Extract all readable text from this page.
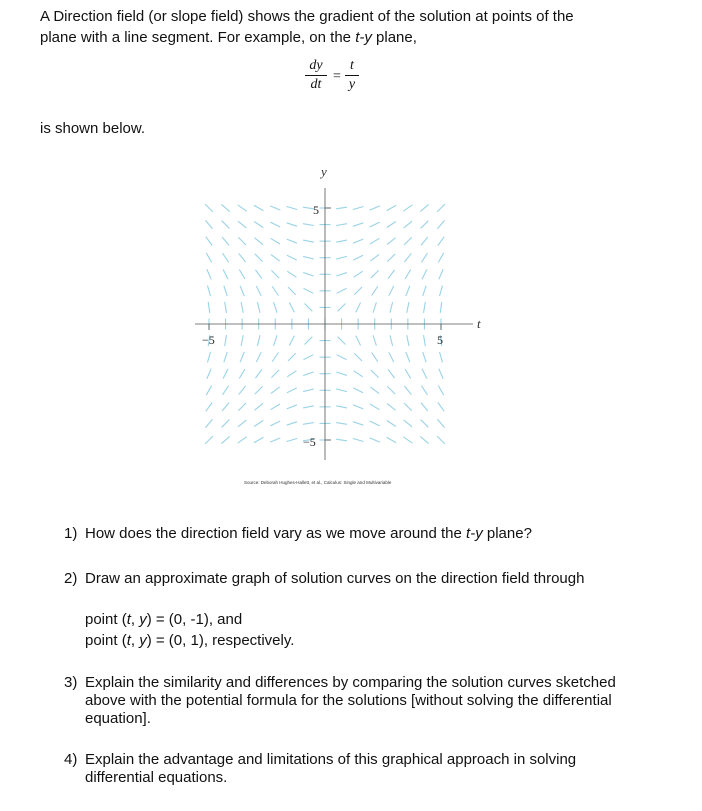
A Direction field (or slope field) shows the gradient of the solution at points of the
plane with a line segment. For example, on the t-y plane,

dy
dt
=
t
y

is shown below.

y
t
5
−5
−5	5
Source: Deborah Hughes-Hallett, et al., Calculus: Single and Multivariable
1) How does the direction field vary as we move around the t-y plane?
2) Draw an approximate graph of solution curves on the direction field through
point (t, y) = (0, -1), and
point (t, y) = (0, 1), respectively.
3) Explain the similarity and differences by comparing the solution curves sketched above with the potential formula for the solutions [without solving the differential equation].
4) Explain the advantage and limitations of this graphical approach in solving differential equations.
